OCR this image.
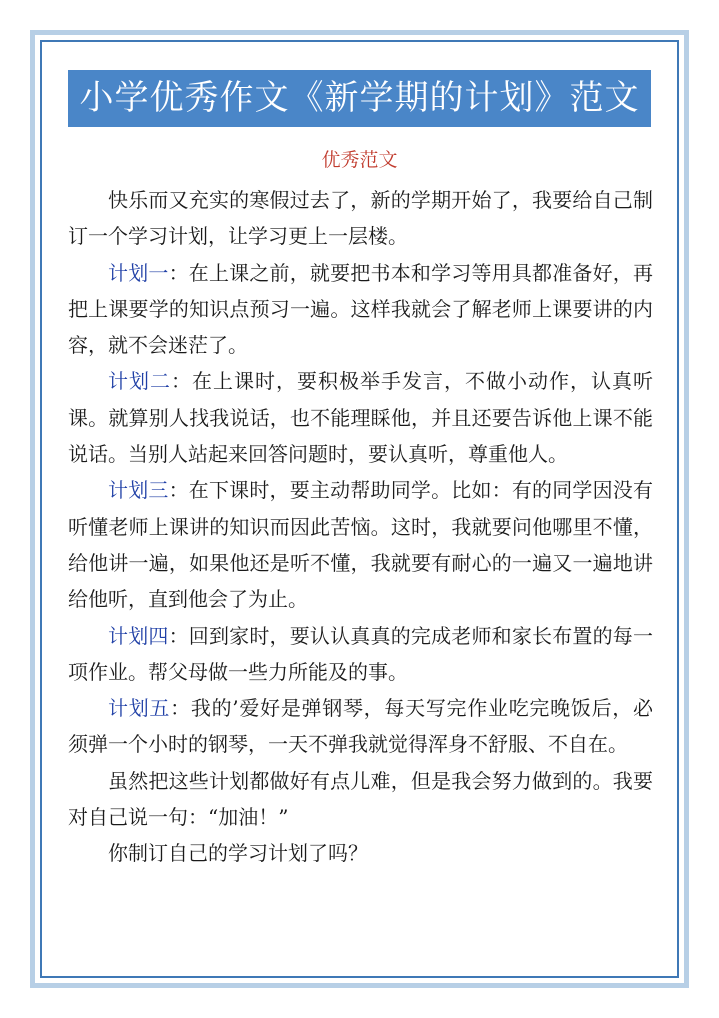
小学优秀作文《新学期的计划》范文
优秀范文

快乐而又充实的寒假过去了，新的学期开始了，我要给自己制订一个学习计划，让学习更上一层楼。

计划一：在上课之前，就要把书本和学习等用具都准备好，再把上课要学的知识点预习一遍。这样我就会了解老师上课要讲的内容，就不会迷茫了。

计划二：在上课时，要积极举手发言，不做小动作，认真听课。就算别人找我说话，也不能理睬他，并且还要告诉他上课不能说话。当别人站起来回答问题时，要认真听，尊重他人。

计划三：在下课时，要主动帮助同学。比如：有的同学因没有听懂老师上课讲的知识而因此苦恼。这时，我就要问他哪里不懂，给他讲一遍，如果他还是听不懂，我就要有耐心的一遍又一遍地讲给他听，直到他会了为止。

计划四：回到家时，要认认真真的完成老师和家长布置的每一项作业。帮父母做一些力所能及的事。

计划五：我的’爱好是弹钢琴，每天写完作业吃完晚饭后，必须弹一个小时的钢琴，一天不弹我就觉得浑身不舒服、不自在。

虽然把这些计划都做好有点儿难，但是我会努力做到的。我要对自己说一句：“加油！”

你制订自己的学习计划了吗？
